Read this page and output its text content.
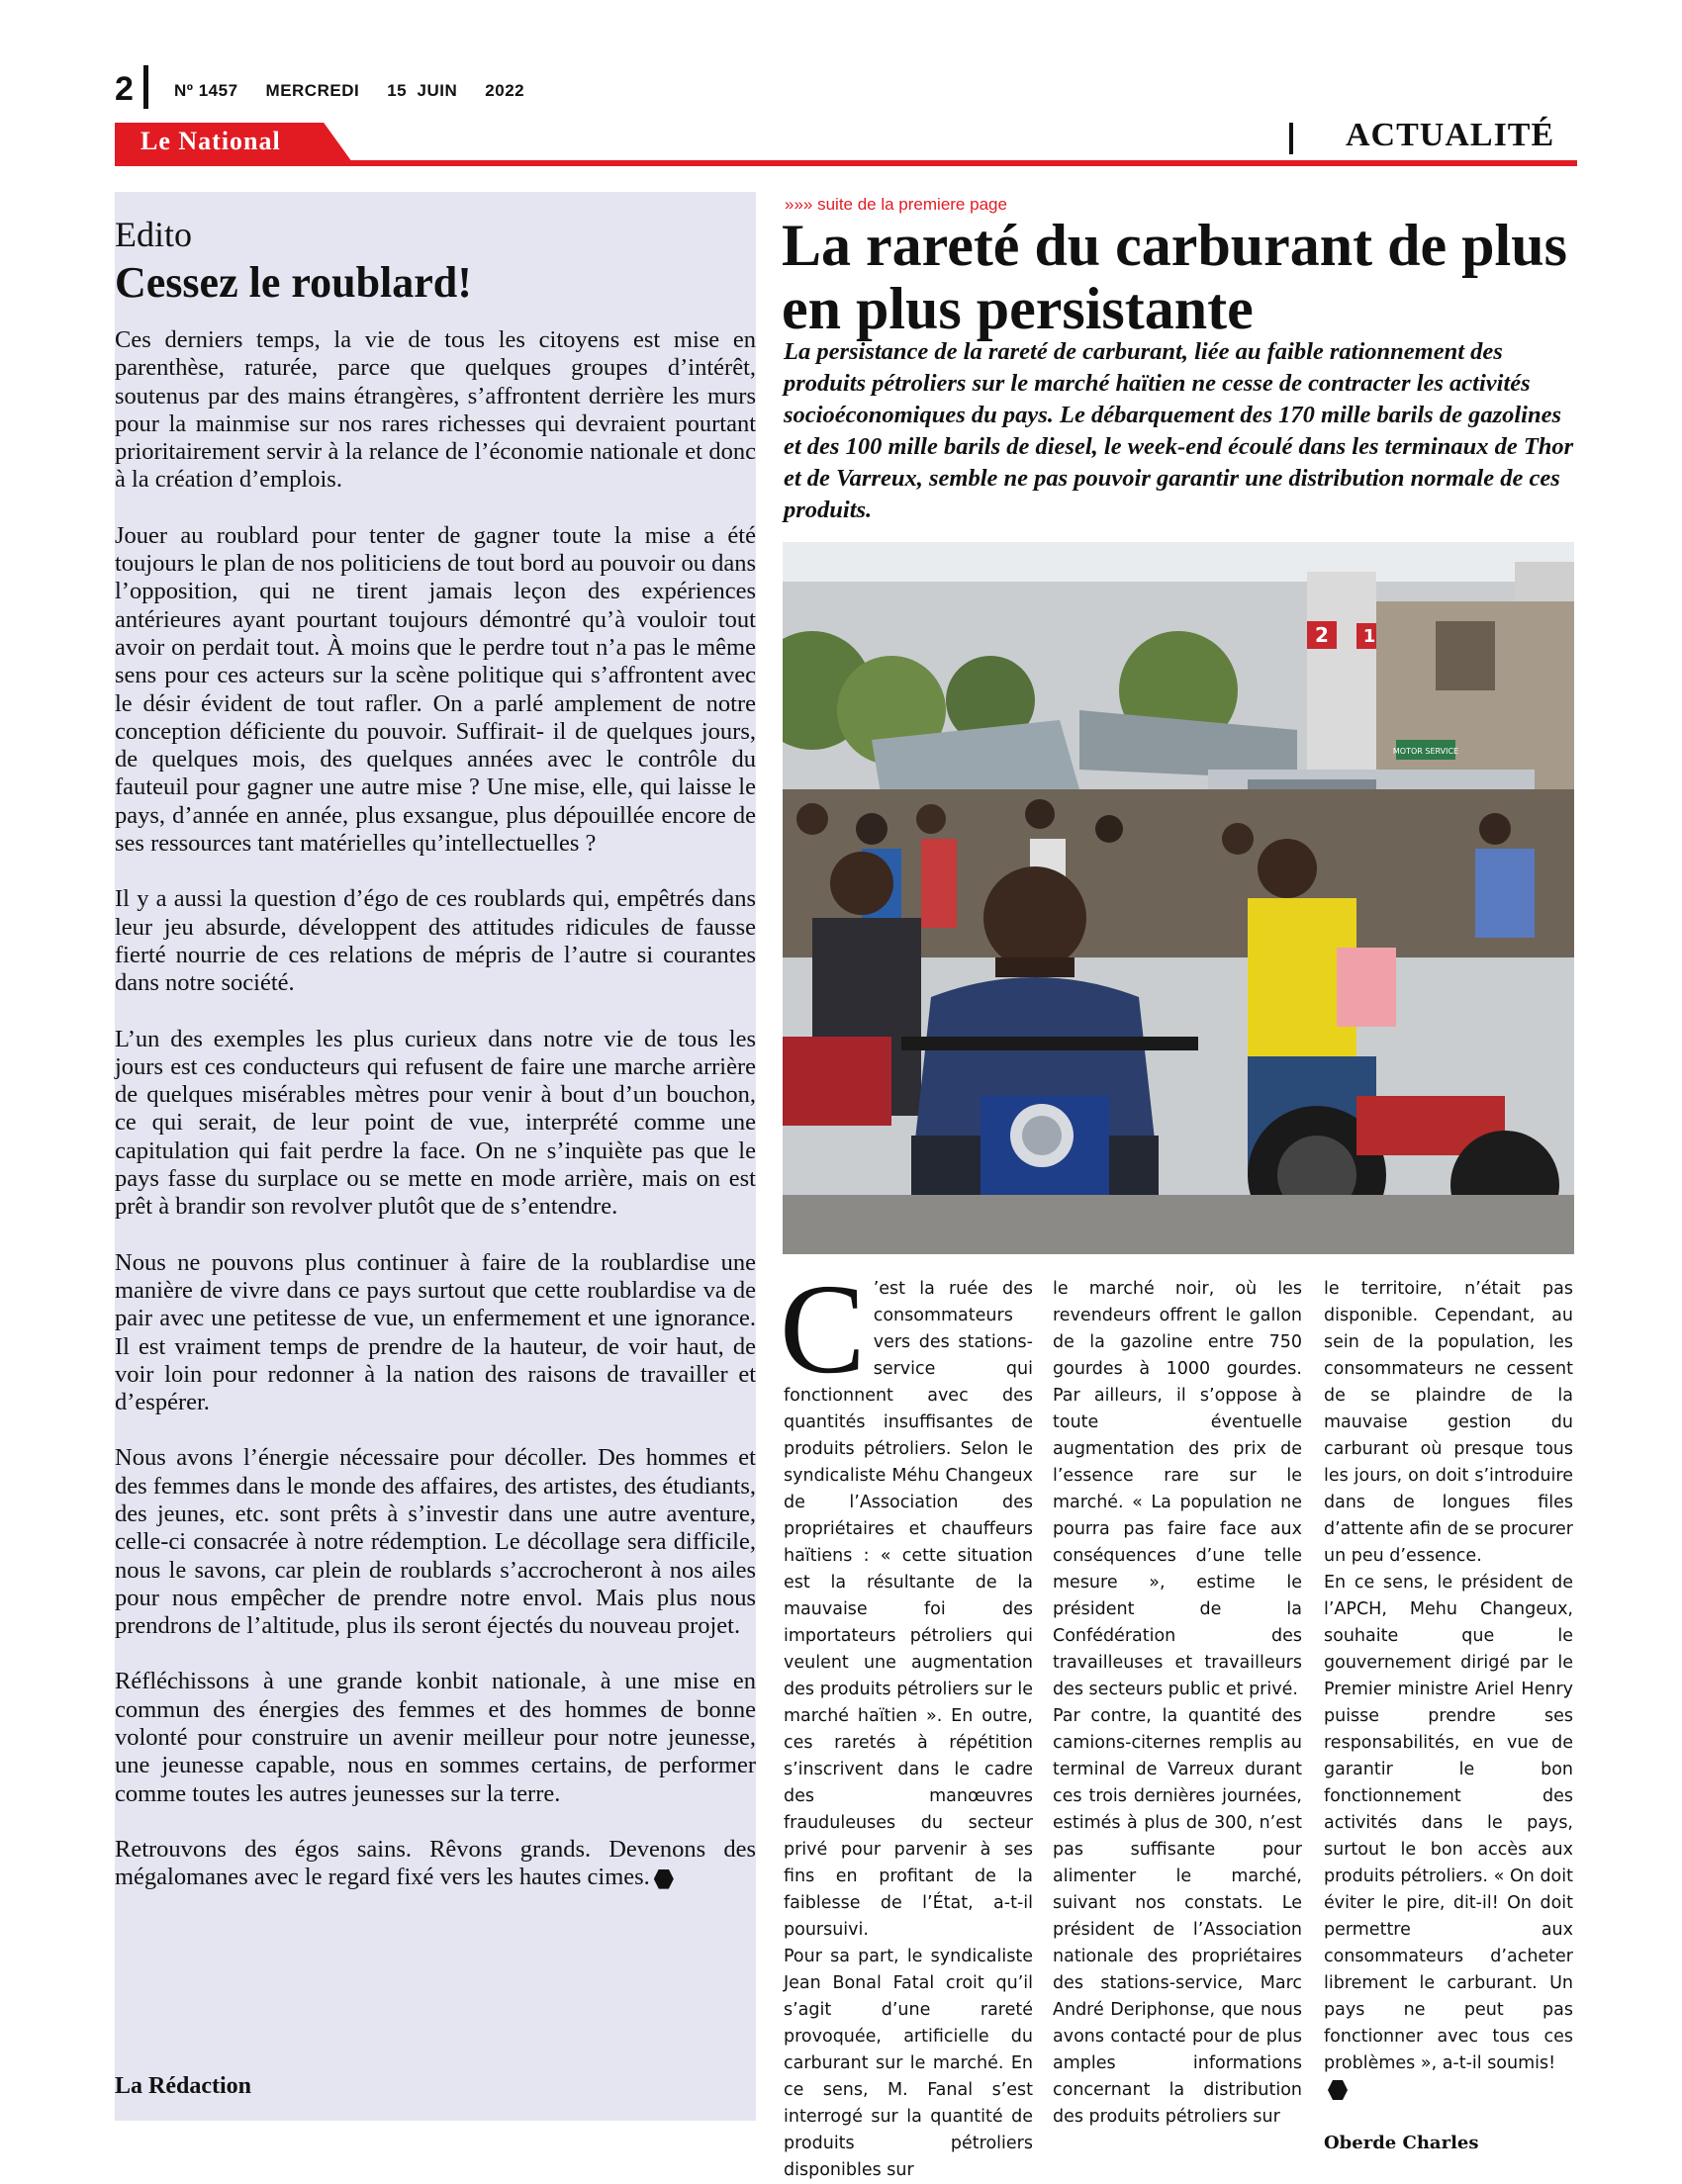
2 Nº 1457 MERCREDI 15  JUIN 2022
Le National	ACTUALITÉ
Edito
Cessez le roublard!

Ces derniers temps, la vie de tous les citoyens est mise en parenthèse, raturée, parce que quelques groupes d’intérêt, soutenus par des mains étrangères, s’affrontent derrière les murs pour la mainmise sur nos rares richesses qui devraient pourtant prioritairement servir à la relance de l’économie nationale et donc à la création d’emplois.

Jouer au roublard pour tenter de gagner toute la mise a été toujours le plan de nos politiciens de tout bord au pouvoir ou dans l’opposition, qui ne tirent jamais leçon des expériences antérieures ayant pourtant toujours démontré qu’à vouloir tout avoir on perdait tout. À moins que le perdre tout n’a pas le même sens pour ces acteurs sur la scène politique qui s’affrontent avec le désir évident de tout rafler. On a parlé amplement de notre conception déficiente du pouvoir. Suffirait- il de quelques jours, de quelques mois, des quelques années avec le contrôle du fauteuil pour gagner une autre mise ? Une mise, elle, qui laisse le pays, d’année en année, plus exsangue, plus dépouillée encore de ses ressources tant matérielles qu’intellectuelles ?

Il y a aussi la question d’égo de ces roublards qui, empêtrés dans leur jeu absurde, développent des attitudes ridicules de fausse fierté nourrie de ces relations de mépris de l’autre si courantes dans notre société.

L’un des exemples les plus curieux dans notre vie de tous les jours est ces conducteurs qui refusent de faire une marche arrière de quelques misérables mètres pour venir à bout d’un bouchon, ce qui serait, de leur point de vue, interprété comme une capitulation qui fait perdre la face. On ne s’inquiète pas que le pays fasse du surplace ou se mette en mode arrière, mais on est prêt à brandir son revolver plutôt que de s’entendre.

Nous ne pouvons plus continuer à faire de la roublardise une manière de vivre dans ce pays surtout que cette roublardise va de pair avec une petitesse de vue, un enfermement et une ignorance. Il est vraiment temps de prendre de la hauteur, de voir haut, de voir loin pour redonner à la nation des raisons de travailler et d’espérer.

Nous avons l’énergie nécessaire pour décoller. Des hommes et des femmes dans le monde des affaires, des artistes, des étudiants, des jeunes, etc. sont prêts à s’investir dans une autre aventure, celle-ci consacrée à notre rédemption. Le décollage sera difficile, nous le savons, car plein de roublards s’accrocheront à nos ailes pour nous empêcher de prendre notre envol. Mais plus nous prendrons de l’altitude, plus ils seront éjectés du nouveau projet.

Réfléchissons à une grande konbit nationale, à une mise en commun des énergies des femmes et des hommes de bonne volonté pour construire un avenir meilleur pour notre jeunesse, une jeunesse capable, nous en sommes certains, de performer comme toutes les autres jeunesses sur la terre.

Retrouvons des égos sains. Rêvons grands. Devenons des mégalomanes avec le regard fixé vers les hautes cimes.

La Rédaction
»»» suite de la premiere page
La rareté du carburant de plus en plus persistante
La persistance de la rareté de carburant, liée au faible rationnement des produits pétroliers sur le marché haïtien ne cesse de contracter les activités socioéconomiques du pays. Le débarquement des 170 mille barils de gazolines et des 100 mille barils de diesel, le week-end écoulé dans les terminaux de Thor et de Varreux, semble ne pas pouvoir garantir une distribution normale de ces produits.
2 1
MOTOR SERVICE

C ’est la ruée des consommateurs vers des stations-service qui fonctionnent avec des quantités insuffisantes de produits pétroliers. Selon le syndicaliste Méhu Changeux de l’Association des propriétaires et chauffeurs haïtiens : « cette situation est la résultante de la mauvaise foi des importateurs pétroliers qui veulent une augmentation des produits pétroliers sur le marché haïtien ». En outre, ces raretés à répétition s’inscrivent dans le cadre des manœuvres frauduleuses du secteur privé pour parvenir à ses fins en profitant de la faiblesse de l’État, a-t-il poursuivi.

Pour sa part, le syndicaliste Jean Bonal Fatal croit qu’il s’agit d’une rareté provoquée, artificielle du carburant sur le marché. En ce sens, M. Fanal s’est interrogé sur la quantité de produits pétroliers disponibles sur

le marché noir, où les revendeurs offrent le gallon de la gazoline entre 750 gourdes à 1000 gourdes. Par ailleurs, il s’oppose à toute éventuelle augmentation des prix de l’essence rare sur le marché. « La population ne pourra pas faire face aux conséquences d’une telle mesure », estime le président de la Confédération des travailleuses et travailleurs des secteurs public et privé.

Par contre, la quantité des camions-citernes remplis au terminal de Varreux durant ces trois dernières journées, estimés à plus de 300, n’est pas suffisante pour alimenter le marché, suivant nos constats. Le président de l’Association nationale des propriétaires des stations-service, Marc André Deriphonse, que nous avons contacté pour de plus amples informations concernant la distribution des produits pétroliers sur

le territoire, n’était pas disponible. Cependant, au sein de la population, les consommateurs ne cessent de se plaindre de la mauvaise gestion du carburant où presque tous les jours, on doit s’introduire dans de longues files d’attente afin de se procurer un peu d’essence.

En ce sens, le président de l’APCH, Mehu Changeux, souhaite que le gouvernement dirigé par le Premier ministre Ariel Henry puisse prendre ses responsabilités, en vue de garantir le bon fonctionnement des activités dans le pays, surtout le bon accès aux produits pétroliers. « On doit éviter le pire, dit-il! On doit permettre aux consommateurs d’acheter librement le carburant. Un pays ne peut pas fonctionner avec tous ces problèmes », a-t-il soumis!

Oberde Charles
